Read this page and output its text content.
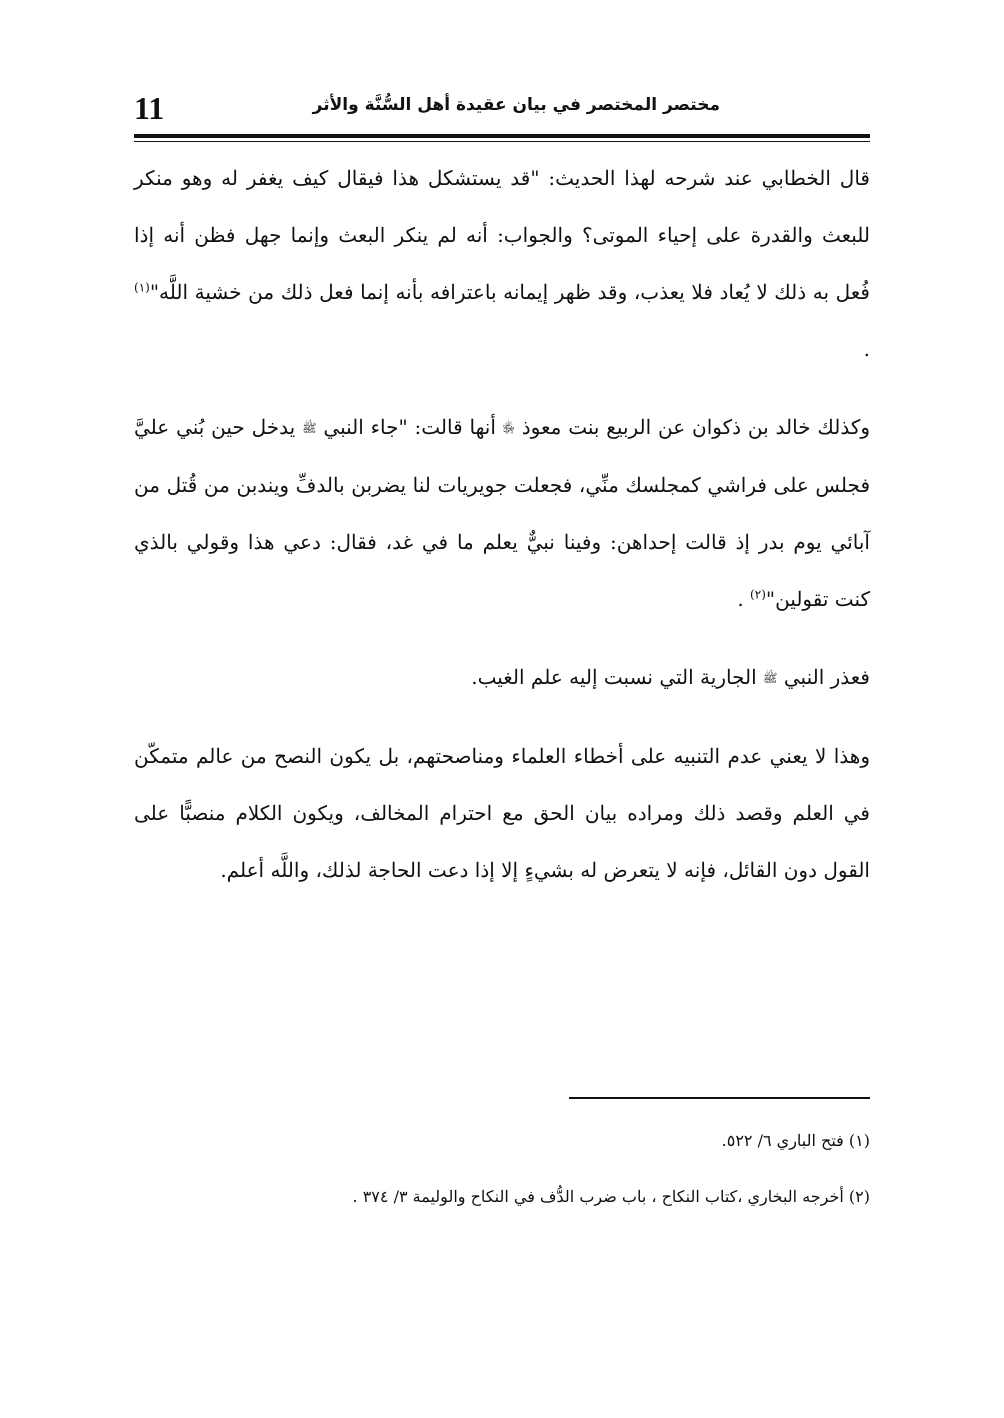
11	مختصر المختصر في بيان عقيدة أهل السُّنَّة والأثر

قال الخطابي عند شرحه لهذا الحديث: "قد يستشكل هذا فيقال كيف يغفر له وهو منكر للبعث والقدرة على إحياء الموتى؟ والجواب: أنه لم ينكر البعث وإنما جهل فظن أنه إذا فُعل به ذلك لا يُعاد فلا يعذب، وقد ظهر إيمانه باعترافه بأنه إنما فعل ذلك من خشية اللَّه"$^{(١)}$ .

وكذلك خالد بن ذكوان عن الربيع بنت معوذ ﵂ أنها قالت: "جاء النبي ﷺ يدخل حين بُني عليَّ فجلس على فراشي كمجلسك منِّي، فجعلت جويريات لنا يضربن بالدفِّ ويندبن من قُتل من آبائي يوم بدر إذ قالت إحداهن: وفينا نبيٌّ يعلم ما في غد، فقال: دعي هذا وقولي بالذي كنت تقولين"$^{(٢)}$ .

فعذر النبي ﷺ الجارية التي نسبت إليه علم الغيب.

وهذا لا يعني عدم التنبيه على أخطاء العلماء ومناصحتهم، بل يكون النصح من عالم متمكّن في العلم وقصد ذلك ومراده بيان الحق مع احترام المخالف، ويكون الكلام منصبًّا على القول دون القائل، فإنه لا يتعرض له بشيءٍ إلا إذا دعت الحاجة لذلك، واللَّه أعلم.

(١) فتح الباري ٦/ ٥٢٢.

(٢) أخرجه البخاري ،كتاب النكاح ، باب ضرب الدُّف في النكاح والوليمة ٣/ ٣٧٤ .
